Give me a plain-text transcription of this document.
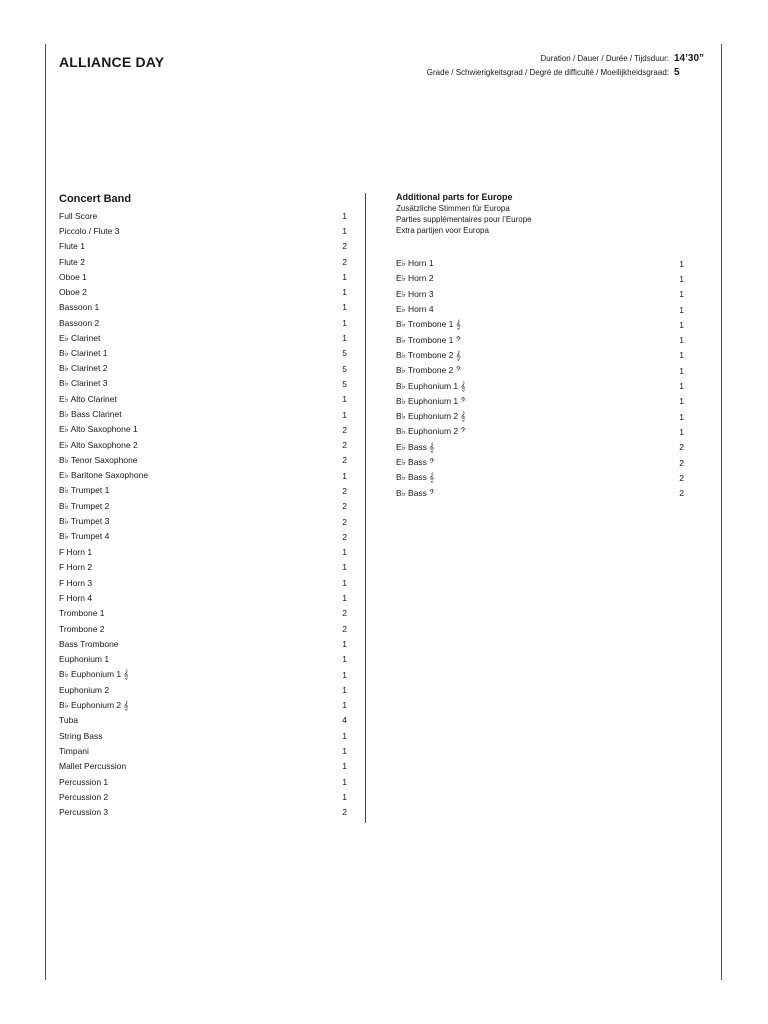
ALLIANCE DAY	Duration / Dauer / Durée / Tijdsduur: 14’30”
Grade / Schwierigkeitsgrad / Degré de difficulté / Moeilijkheidsgraad: 5
Concert Band
Full Score	1
Piccolo / Flute 3	1
Flute 1	2
Flute 2	2
Oboe 1	1
Oboe 2	1
Bassoon 1	1
Bassoon 2	1
E♭ Clarinet	1
B♭ Clarinet 1	5
B♭ Clarinet 2	5
B♭ Clarinet 3	5
E♭ Alto Clarinet	1
B♭ Bass Clarinet	1
E♭ Alto Saxophone 1	2
E♭ Alto Saxophone 2	2
B♭ Tenor Saxophone	2
E♭ Baritone Saxophone	1
B♭ Trumpet 1	2
B♭ Trumpet 2	2
B♭ Trumpet 3	2
B♭ Trumpet 4	2
F Horn 1	1
F Horn 2	1
F Horn 3	1
F Horn 4	1
Trombone 1	2
Trombone 2	2
Bass Trombone	1
Euphonium 1	1
B♭ Euphonium 1 𝄞	1
Euphonium 2	1
B♭ Euphonium 2 𝄞	1
Tuba	4
String Bass	1
Timpani	1
Mallet Percussion	1
Percussion 1	1
Percussion 2	1
Percussion 3	2
Additional parts for Europe
Zusätzliche Stimmen für Europa
Parties supplémentaires pour l’Europe
Extra partijen voor Europa
E♭ Horn 1	1
E♭ Horn 2	1
E♭ Horn 3	1
E♭ Horn 4	1
B♭ Trombone 1 𝄞	1
B♭ Trombone 1 𝄢	1
B♭ Trombone 2 𝄞	1
B♭ Trombone 2 𝄢	1
B♭ Euphonium 1 𝄞	1
B♭ Euphonium 1 𝄢	1
B♭ Euphonium 2 𝄞	1
B♭ Euphonium 2 𝄢	1
E♭ Bass 𝄞	2
E♭ Bass 𝄢	2
B♭ Bass 𝄞	2
B♭ Bass 𝄢	2
